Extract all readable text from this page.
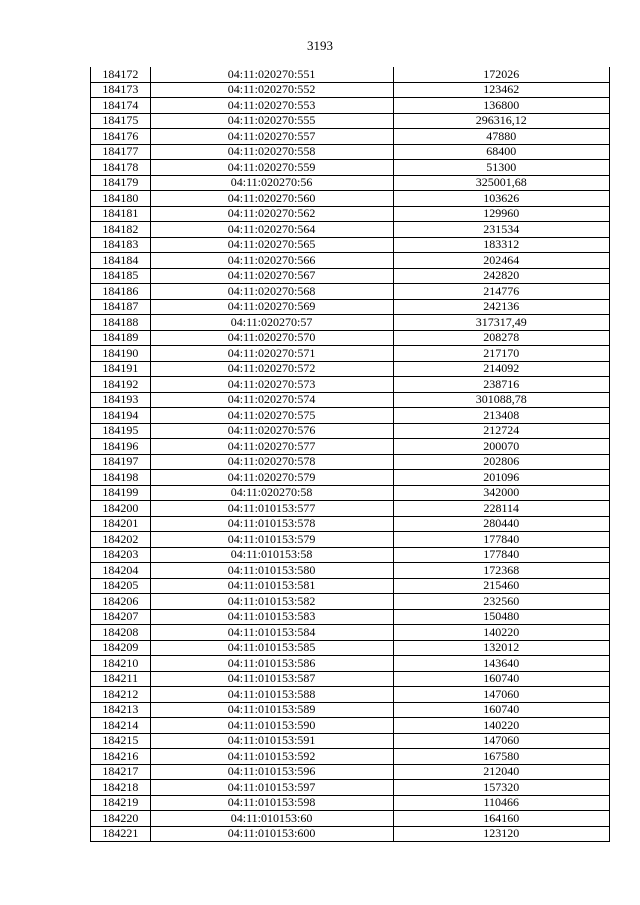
3193
184172	04:11:020270:551	172026
184173	04:11:020270:552	123462
184174	04:11:020270:553	136800
184175	04:11:020270:555	296316,12
184176	04:11:020270:557	47880
184177	04:11:020270:558	68400
184178	04:11:020270:559	51300
184179	04:11:020270:56	325001,68
184180	04:11:020270:560	103626
184181	04:11:020270:562	129960
184182	04:11:020270:564	231534
184183	04:11:020270:565	183312
184184	04:11:020270:566	202464
184185	04:11:020270:567	242820
184186	04:11:020270:568	214776
184187	04:11:020270:569	242136
184188	04:11:020270:57	317317,49
184189	04:11:020270:570	208278
184190	04:11:020270:571	217170
184191	04:11:020270:572	214092
184192	04:11:020270:573	238716
184193	04:11:020270:574	301088,78
184194	04:11:020270:575	213408
184195	04:11:020270:576	212724
184196	04:11:020270:577	200070
184197	04:11:020270:578	202806
184198	04:11:020270:579	201096
184199	04:11:020270:58	342000
184200	04:11:010153:577	228114
184201	04:11:010153:578	280440
184202	04:11:010153:579	177840
184203	04:11:010153:58	177840
184204	04:11:010153:580	172368
184205	04:11:010153:581	215460
184206	04:11:010153:582	232560
184207	04:11:010153:583	150480
184208	04:11:010153:584	140220
184209	04:11:010153:585	132012
184210	04:11:010153:586	143640
184211	04:11:010153:587	160740
184212	04:11:010153:588	147060
184213	04:11:010153:589	160740
184214	04:11:010153:590	140220
184215	04:11:010153:591	147060
184216	04:11:010153:592	167580
184217	04:11:010153:596	212040
184218	04:11:010153:597	157320
184219	04:11:010153:598	110466
184220	04:11:010153:60	164160
184221	04:11:010153:600	123120
